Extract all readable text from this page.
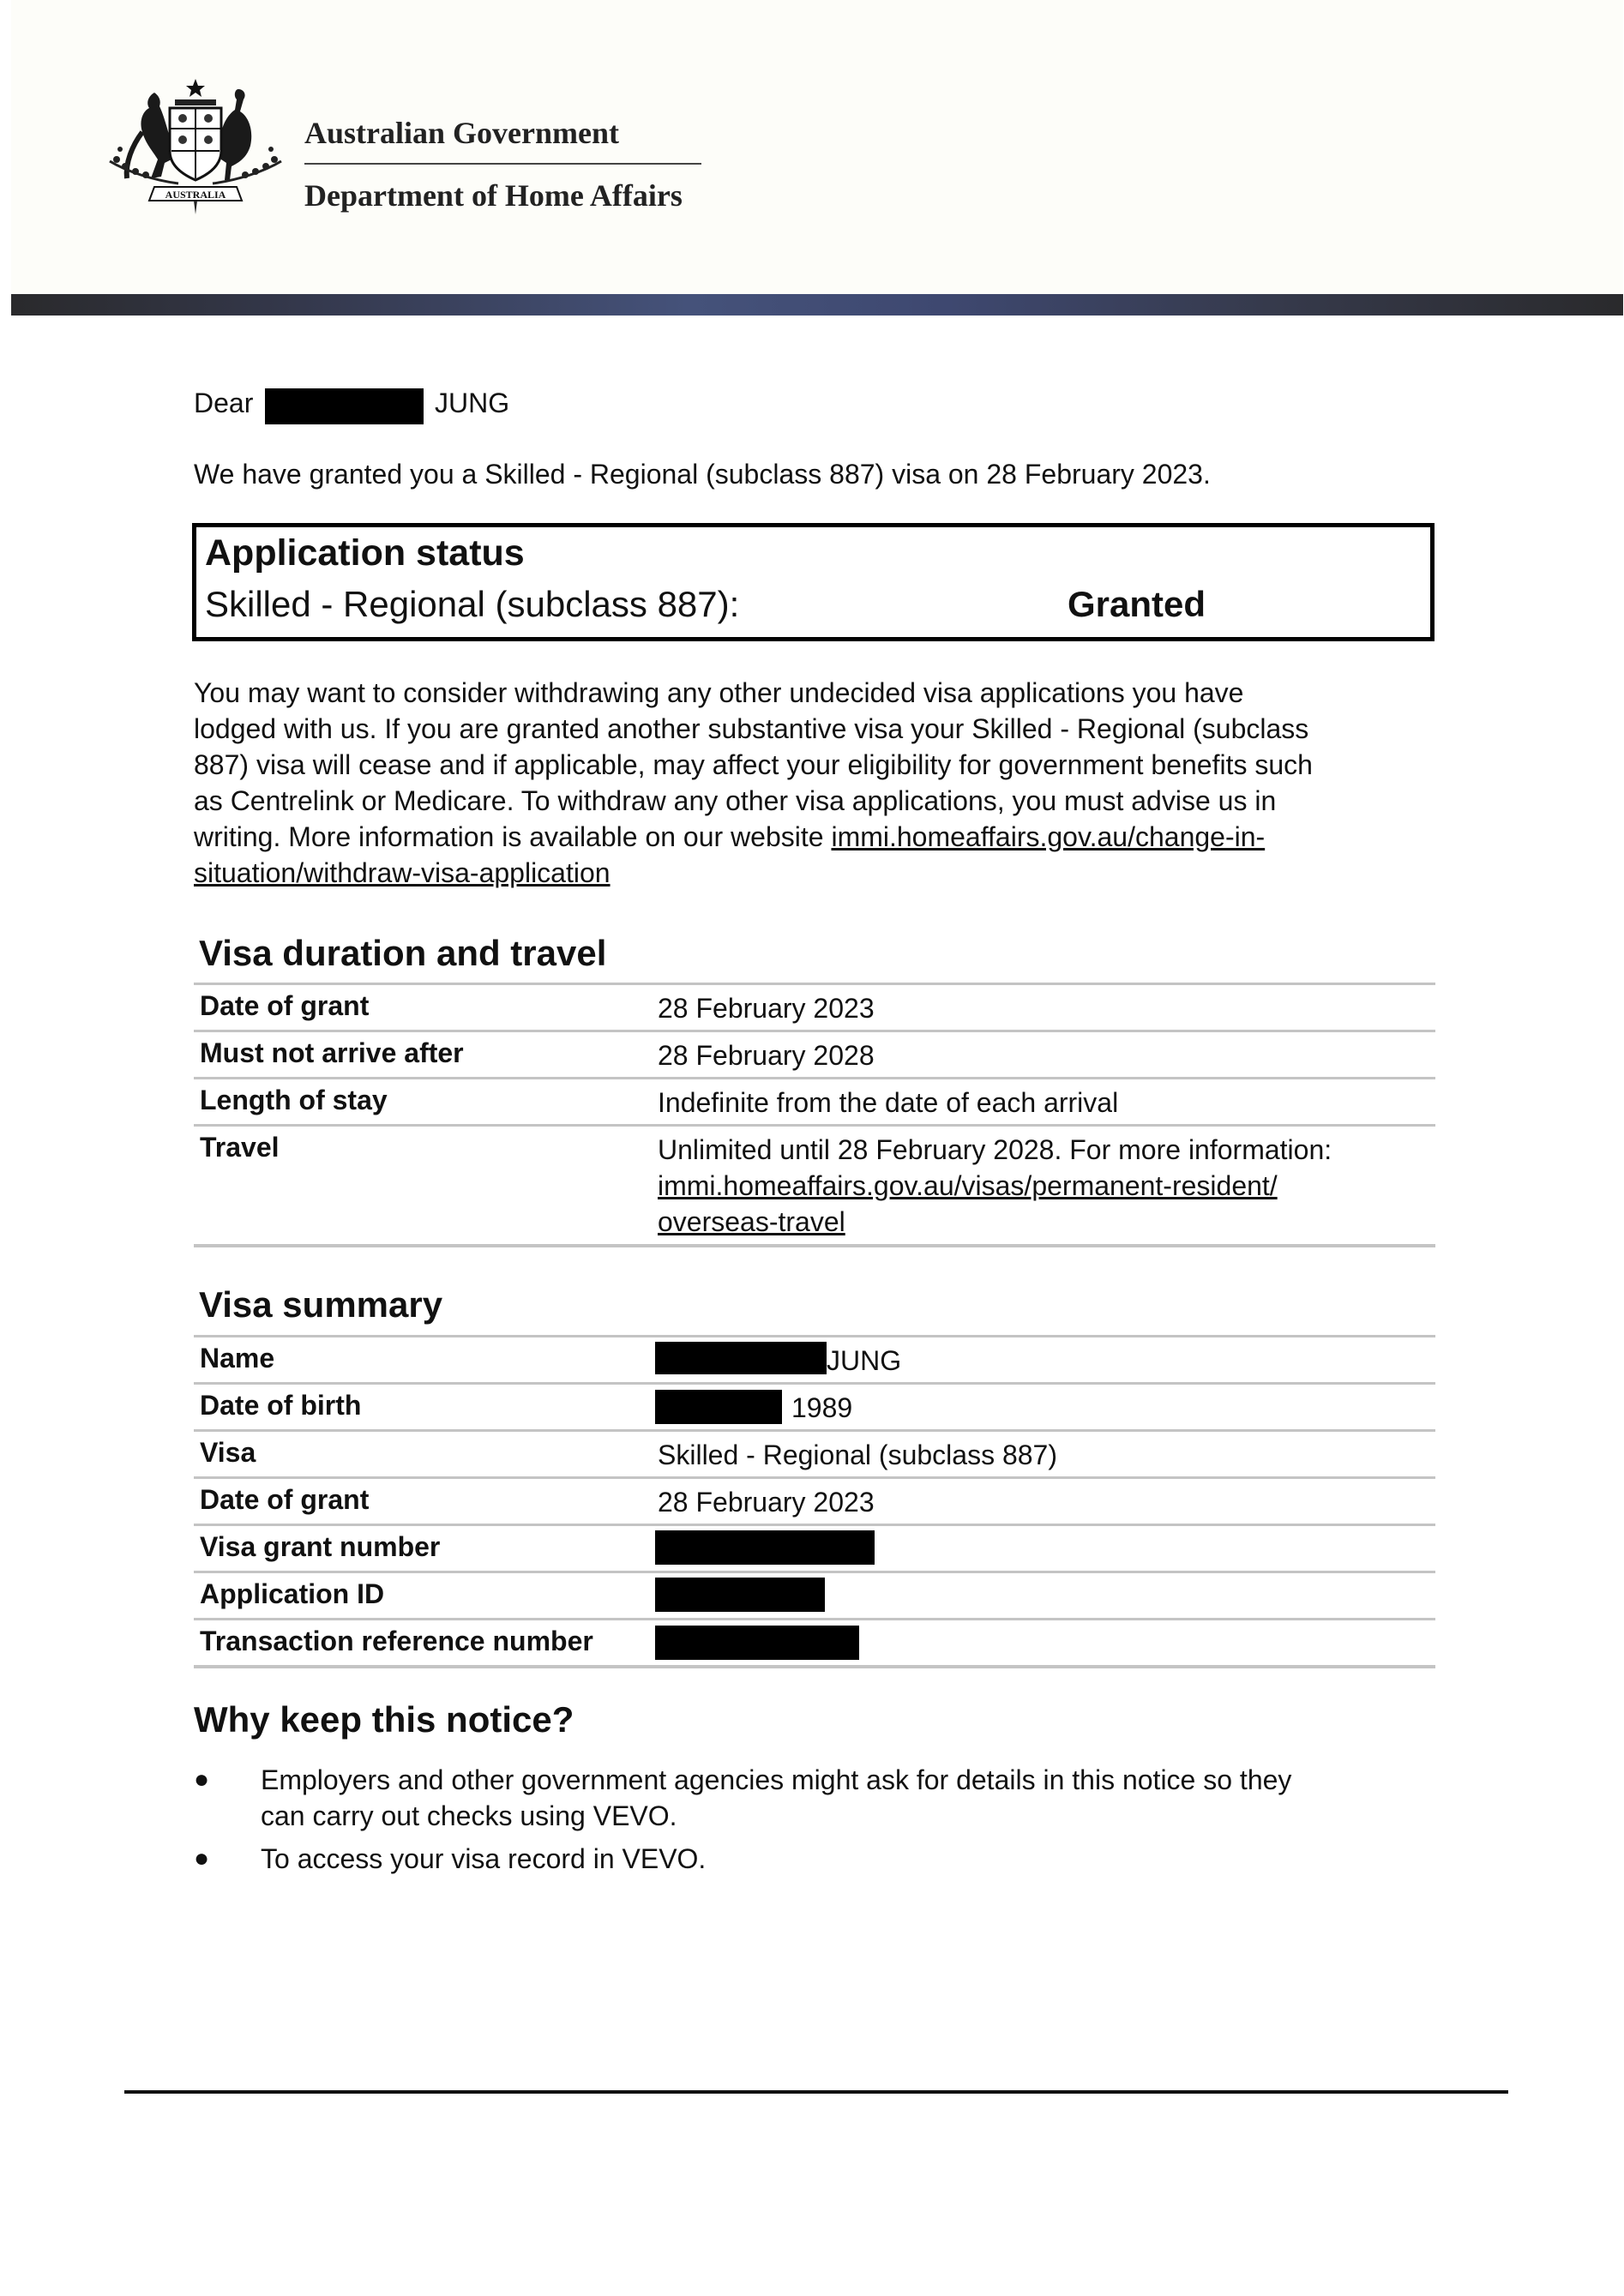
AUSTRALIA
Australian Government
Department of Home Affairs
Dear	JUNG
We have granted you a Skilled - Regional (subclass 887) visa on 28 February 2023.
Application status
Skilled - Regional (subclass 887):	Granted
You may want to consider withdrawing any other undecided visa applications you have
lodged with us. If you are granted another substantive visa your Skilled - Regional (subclass
887) visa will cease and if applicable, may affect your eligibility for government benefits such
as Centrelink or Medicare. To withdraw any other visa applications, you must advise us in
writing. More information is available on our website immi.homeaffairs.gov.au/change-in-
situation/withdraw-visa-application
Visa duration and travel
Date of grant	28 February 2023
Must not arrive after	28 February 2028
Length of stay	Indefinite from the date of each arrival
Travel	Unlimited until 28 February 2028. For more information:
immi.homeaffairs.gov.au/visas/permanent-resident/
overseas-travel
Visa summary
Name	JUNG
Date of birth	1989
Visa	Skilled - Regional (subclass 887)
Date of grant	28 February 2023
Visa grant number
Application ID
Transaction reference number
Why keep this notice?
● Employers and other government agencies might ask for details in this notice so they
can carry out checks using VEVO.
● To access your visa record in VEVO.
